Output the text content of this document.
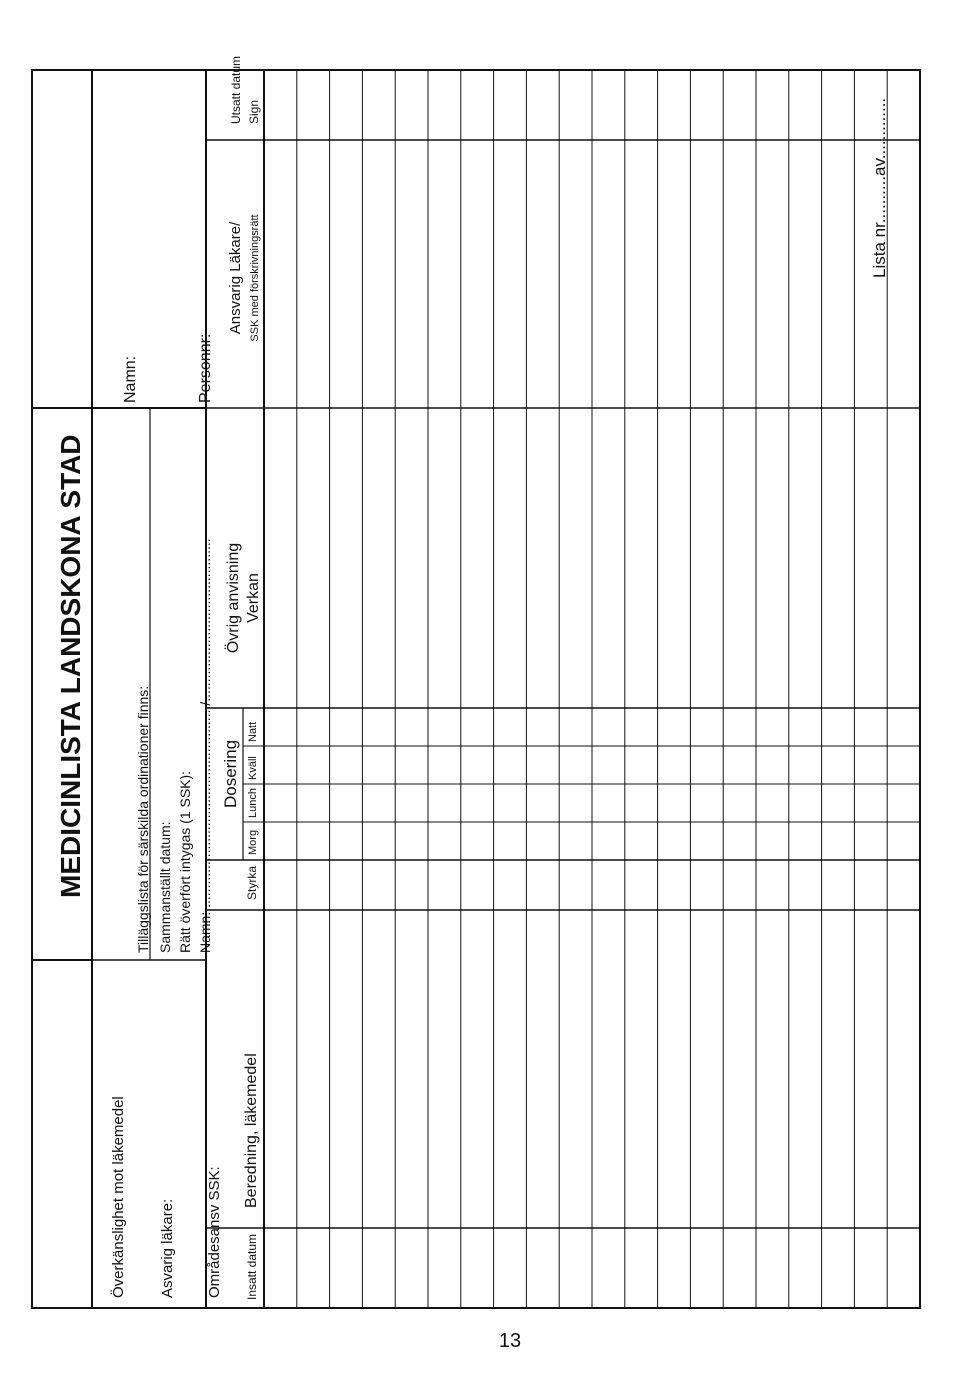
MEDICINLISTA LANDSKONA STAD
Överkänslighet mot läkemedel
Namn:
Asvarig läkare: Områdesansv SSK:
Tilläggslista för särskilda ordinationer finns: Sammanställt datum: Rätt överfört intygas (1 SSK): Namn:...................................................../..........................................
Personnr:
Lista nr..........av.............
Insatt datum
Beredning, läkemedel
Styrka
Dosering
Morg
Lunch
Kväll
Natt
Övrig anvisning Verkan
Ansvarig Läkare/ SSK med förskrivningsrätt
Utsatt datum Sign
13
